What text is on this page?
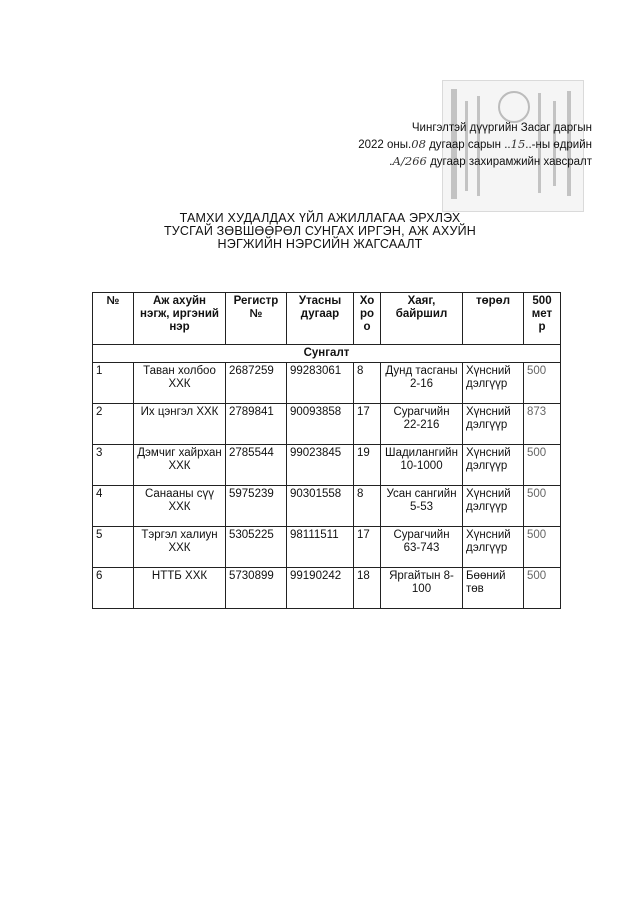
Чингэлтэй дүүргийн Засаг даргын
2022 оны.08 дугаар сарын ..15..-ны өдрийн
.А/266 дугаар захирамжийн хавсралт
ТАМХИ ХУДАЛДАХ ҮЙЛ АЖИЛЛАГАА ЭРХЛЭХ
ТУСГАЙ ЗӨВШӨӨРӨЛ СУНГАХ ИРГЭН, АЖ АХУЙН
НЭГЖИЙН НЭРСИЙН ЖАГСААЛТ
№	Аж ахуйн нэгж, иргэний нэр	Регистр №	Утасны дугаар	Хо ро о	Хаяг, байршил	төрөл	500 мет р
Сунгалт							
1	Таван холбоо ХХК	2687259	99283061	8	Дунд тасганы 2-16	Хүнсний дэлгүүр	500
2	Их цэнгэл ХХК	2789841	90093858	17	Сурагчийн 22-216	Хүнсний дэлгүүр	873
3	Дэмчиг хайрхан ХХК	2785544	99023845	19	Шадилангийн 10-1000	Хүнсний дэлгүүр	500
4	Санааны сүү ХХК	5975239	90301558	8	Усан сангийн 5-53	Хүнсний дэлгүүр	500
5	Тэргэл халиун ХХК	5305225	98111511	17	Сурагчийн 63-743	Хүнсний дэлгүүр	500
6	НТТБ ХХК	5730899	99190242	18	Яргайтын 8-100	Бөөний төв	500
